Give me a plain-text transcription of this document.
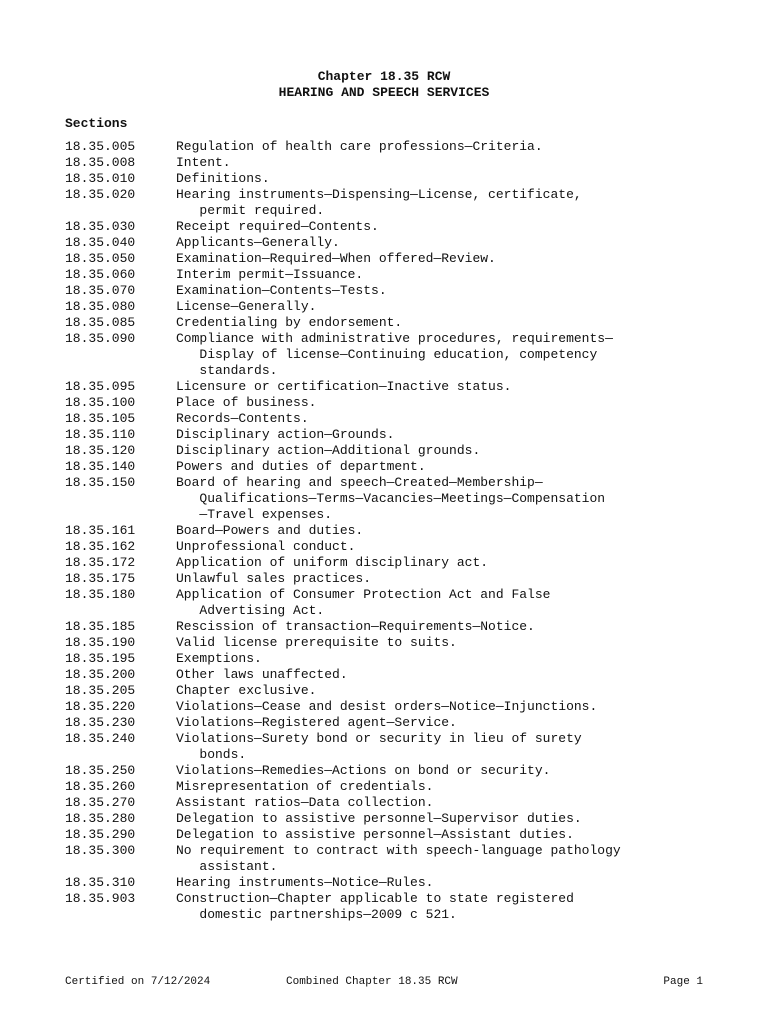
Chapter 18.35 RCW
HEARING AND SPEECH SERVICES
Sections
18.35.005	Regulation of health care professions—Criteria.
18.35.008	Intent.
18.35.010	Definitions.
18.35.020	Hearing instruments—Dispensing—License, certificate,
permit required.
18.35.030	Receipt required—Contents.
18.35.040	Applicants—Generally.
18.35.050	Examination—Required—When offered—Review.
18.35.060	Interim permit—Issuance.
18.35.070	Examination—Contents—Tests.
18.35.080	License—Generally.
18.35.085	Credentialing by endorsement.
18.35.090	Compliance with administrative procedures, requirements—
Display of license—Continuing education, competency
standards.
18.35.095	Licensure or certification—Inactive status.
18.35.100	Place of business.
18.35.105	Records—Contents.
18.35.110	Disciplinary action—Grounds.
18.35.120	Disciplinary action—Additional grounds.
18.35.140	Powers and duties of department.
18.35.150	Board of hearing and speech—Created—Membership—
Qualifications—Terms—Vacancies—Meetings—Compensation
—Travel expenses.
18.35.161	Board—Powers and duties.
18.35.162	Unprofessional conduct.
18.35.172	Application of uniform disciplinary act.
18.35.175	Unlawful sales practices.
18.35.180	Application of Consumer Protection Act and False
Advertising Act.
18.35.185	Rescission of transaction—Requirements—Notice.
18.35.190	Valid license prerequisite to suits.
18.35.195	Exemptions.
18.35.200	Other laws unaffected.
18.35.205	Chapter exclusive.
18.35.220	Violations—Cease and desist orders—Notice—Injunctions.
18.35.230	Violations—Registered agent—Service.
18.35.240	Violations—Surety bond or security in lieu of surety
bonds.
18.35.250	Violations—Remedies—Actions on bond or security.
18.35.260	Misrepresentation of credentials.
18.35.270	Assistant ratios—Data collection.
18.35.280	Delegation to assistive personnel—Supervisor duties.
18.35.290	Delegation to assistive personnel—Assistant duties.
18.35.300	No requirement to contract with speech-language pathology
assistant.
18.35.310	Hearing instruments—Notice—Rules.
18.35.903	Construction—Chapter applicable to state registered
domestic partnerships—2009 c 521.
Certified on 7/12/2024	Combined Chapter 18.35 RCW	Page 1
